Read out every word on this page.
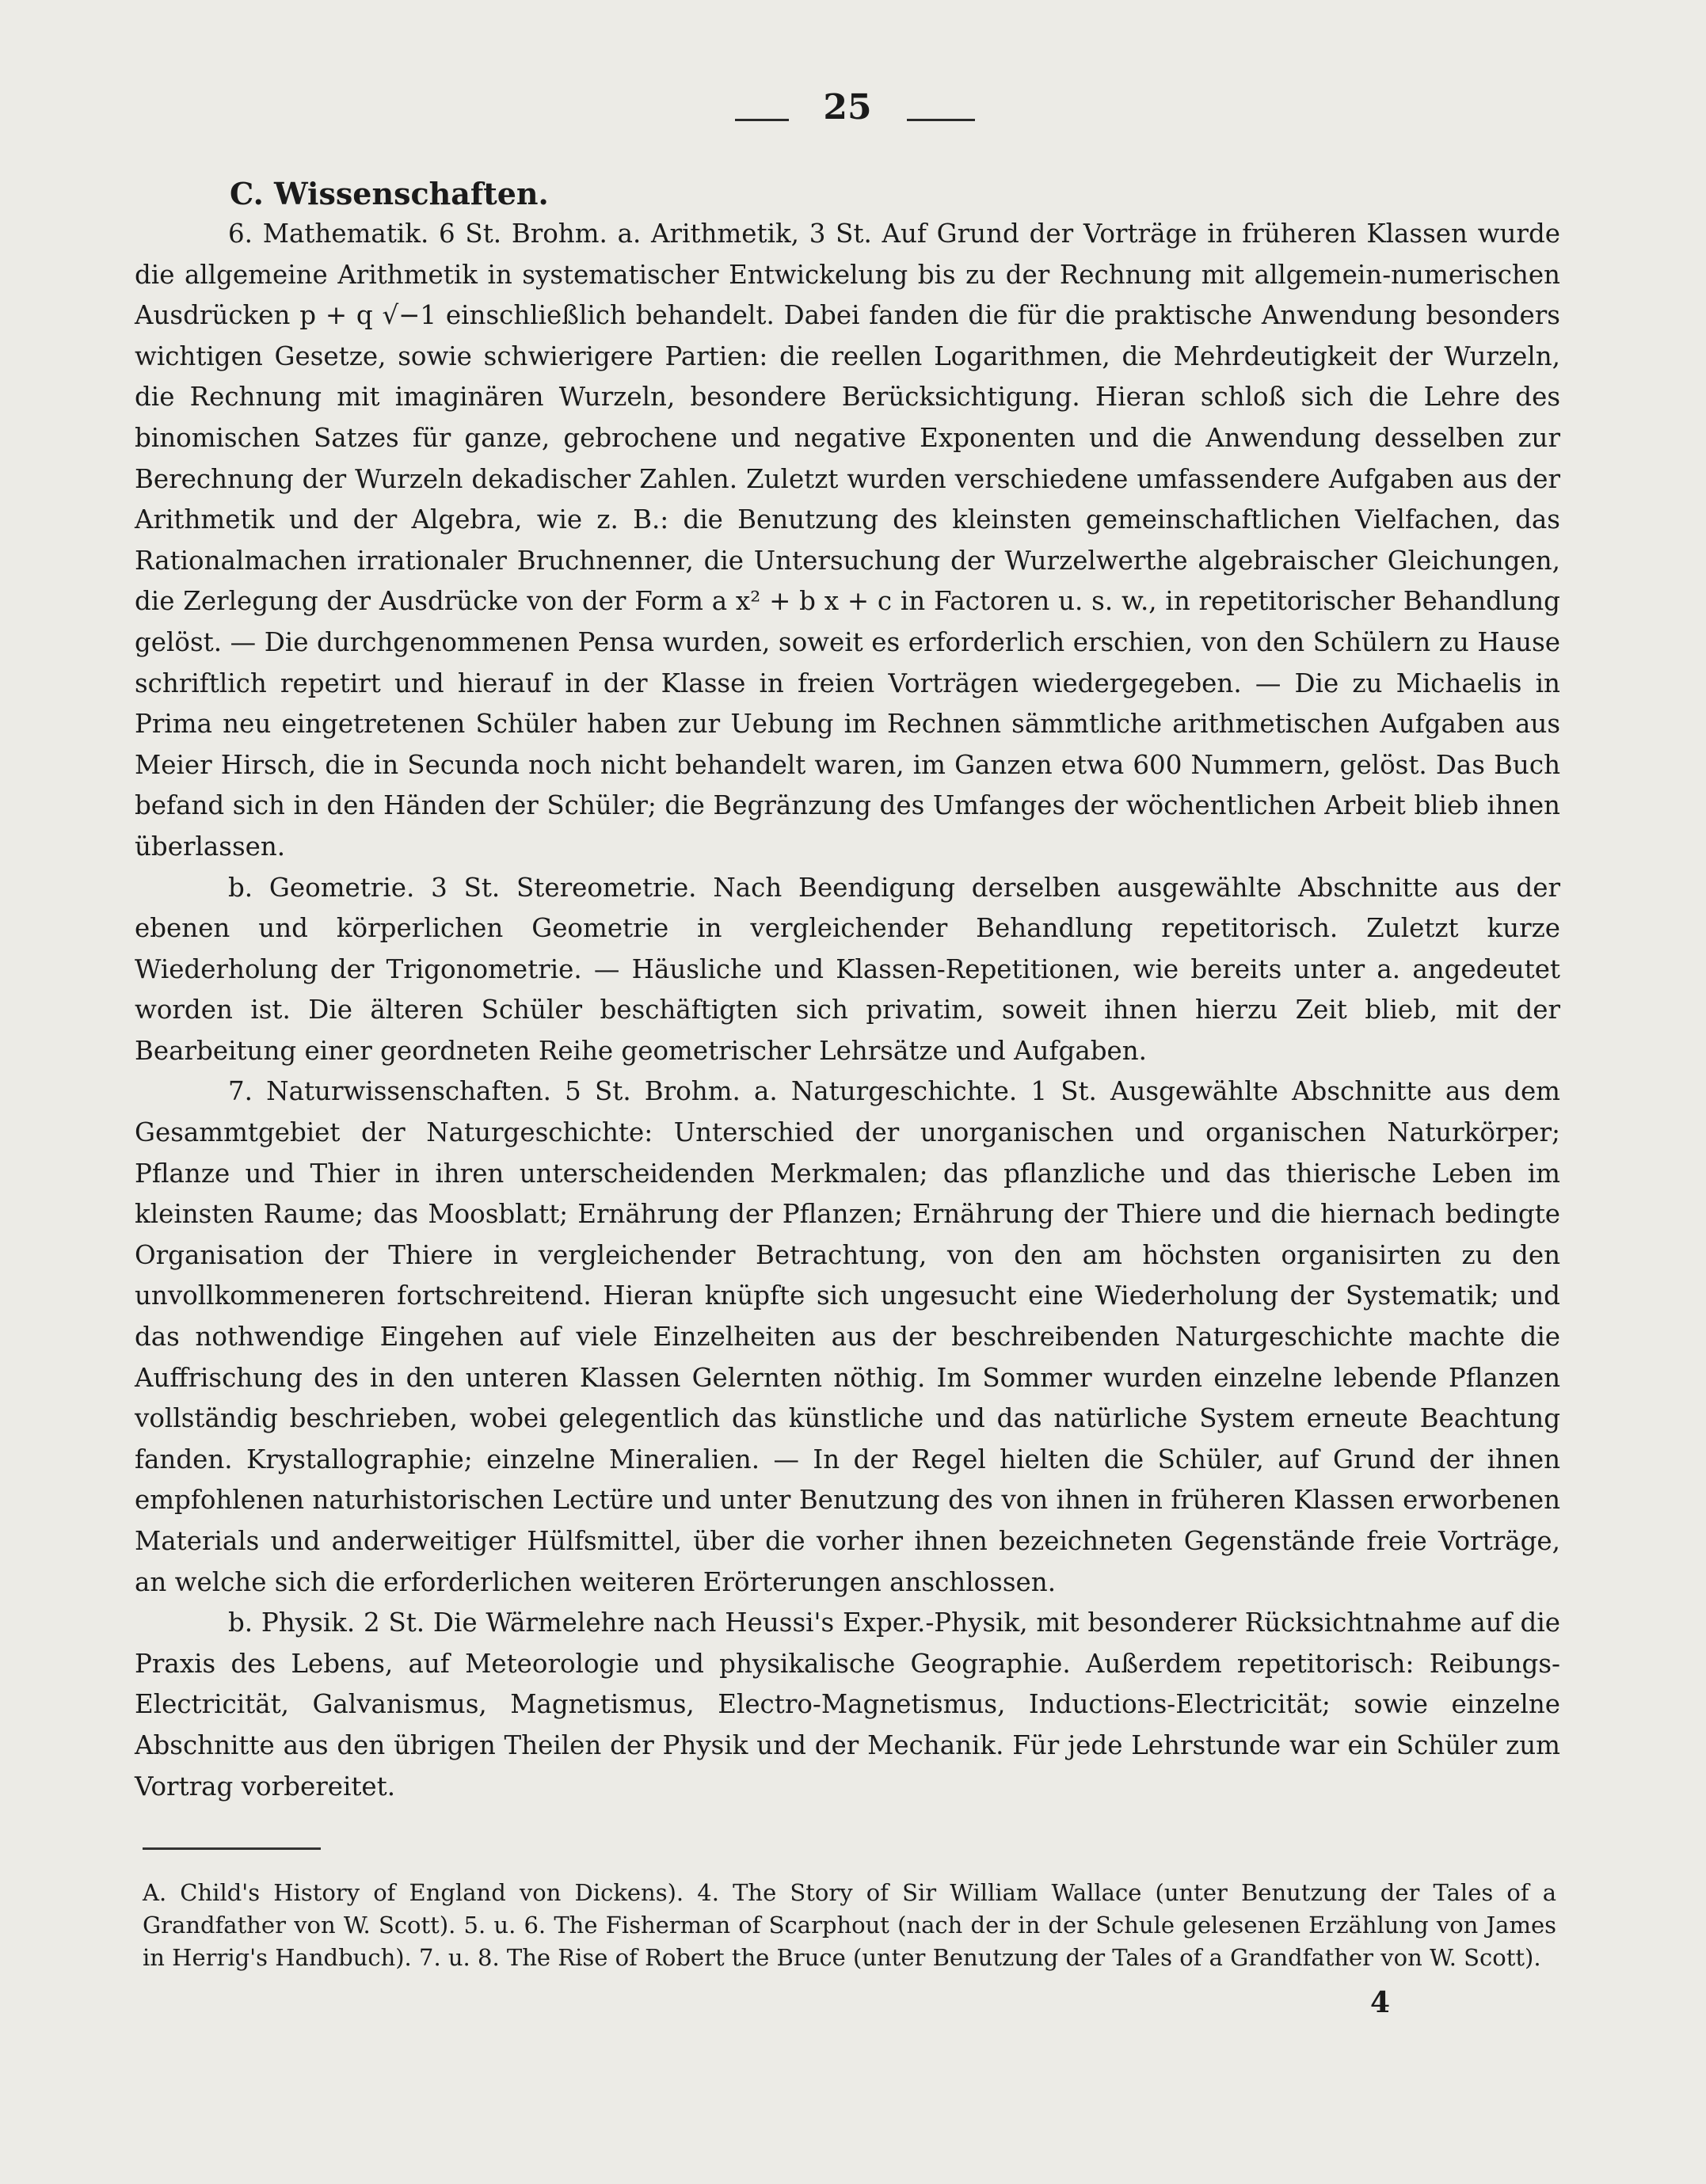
25
C. Wissenschaften.

6. Mathematik. 6 St. Brohm. a. Arithmetik, 3 St. Auf Grund der Vorträge in früheren Klassen wurde die allgemeine Arithmetik in systematischer Entwickelung bis zu der Rechnung mit allgemein-numerischen Ausdrücken p + q √−1 einschließlich behandelt. Dabei fanden die für die praktische Anwendung besonders wichtigen Gesetze, sowie schwierigere Partien: die reellen Logarithmen, die Mehrdeutigkeit der Wurzeln, die Rechnung mit imaginären Wurzeln, besondere Berücksichtigung. Hieran schloß sich die Lehre des binomischen Satzes für ganze, gebrochene und negative Exponenten und die Anwendung desselben zur Berechnung der Wurzeln dekadischer Zahlen. Zuletzt wurden verschiedene umfassendere Aufgaben aus der Arithmetik und der Algebra, wie z. B.: die Benutzung des kleinsten gemeinschaftlichen Vielfachen, das Rationalmachen irrationaler Bruchnenner, die Untersuchung der Wurzelwerthe algebraischer Gleichungen, die Zerlegung der Ausdrücke von der Form a x² + b x + c in Factoren u. s. w., in repetitorischer Behandlung gelöst. — Die durchgenommenen Pensa wurden, soweit es erforderlich erschien, von den Schülern zu Hause schriftlich repetirt und hierauf in der Klasse in freien Vorträgen wiedergegeben. — Die zu Michaelis in Prima neu eingetretenen Schüler haben zur Uebung im Rechnen sämmtliche arithmetischen Aufgaben aus Meier Hirsch, die in Secunda noch nicht behandelt waren, im Ganzen etwa 600 Nummern, gelöst. Das Buch befand sich in den Händen der Schüler; die Begränzung des Umfanges der wöchentlichen Arbeit blieb ihnen überlassen.

b. Geometrie. 3 St. Stereometrie. Nach Beendigung derselben ausgewählte Abschnitte aus der ebenen und körperlichen Geometrie in vergleichender Behandlung repetitorisch. Zuletzt kurze Wiederholung der Trigonometrie. — Häusliche und Klassen-Repetitionen, wie bereits unter a. angedeutet worden ist. Die älteren Schüler beschäftigten sich privatim, soweit ihnen hierzu Zeit blieb, mit der Bearbeitung einer geordneten Reihe geometrischer Lehrsätze und Aufgaben.

7. Naturwissenschaften. 5 St. Brohm. a. Naturgeschichte. 1 St. Ausgewählte Abschnitte aus dem Gesammtgebiet der Naturgeschichte: Unterschied der unorganischen und organischen Naturkörper; Pflanze und Thier in ihren unterscheidenden Merkmalen; das pflanzliche und das thierische Leben im kleinsten Raume; das Moosblatt; Ernährung der Pflanzen; Ernährung der Thiere und die hiernach bedingte Organisation der Thiere in vergleichender Betrachtung, von den am höchsten organisirten zu den unvollkommeneren fortschreitend. Hieran knüpfte sich ungesucht eine Wiederholung der Systematik; und das nothwendige Eingehen auf viele Einzelheiten aus der beschreibenden Naturgeschichte machte die Auffrischung des in den unteren Klassen Gelernten nöthig. Im Sommer wurden einzelne lebende Pflanzen vollständig beschrieben, wobei gelegentlich das künstliche und das natürliche System erneute Beachtung fanden. Krystallographie; einzelne Mineralien. — In der Regel hielten die Schüler, auf Grund der ihnen empfohlenen naturhistorischen Lectüre und unter Benutzung des von ihnen in früheren Klassen erworbenen Materials und anderweitiger Hülfsmittel, über die vorher ihnen bezeichneten Gegenstände freie Vorträge, an welche sich die erforderlichen weiteren Erörterungen anschlossen.

b. Physik. 2 St. Die Wärmelehre nach Heussi's Exper.-Physik, mit besonderer Rücksichtnahme auf die Praxis des Lebens, auf Meteorologie und physikalische Geographie. Außerdem repetitorisch: Reibungs-Electricität, Galvanismus, Magnetismus, Electro-Magnetismus, Inductions-Electricität; sowie einzelne Abschnitte aus den übrigen Theilen der Physik und der Mechanik. Für jede Lehrstunde war ein Schüler zum Vortrag vorbereitet.

A. Child's History of England von Dickens). 4. The Story of Sir William Wallace (unter Benutzung der Tales of a Grandfather von W. Scott). 5. u. 6. The Fisherman of Scarphout (nach der in der Schule gelesenen Erzählung von James in Herrig's Handbuch). 7. u. 8. The Rise of Robert the Bruce (unter Benutzung der Tales of a Grandfather von W. Scott).

4
